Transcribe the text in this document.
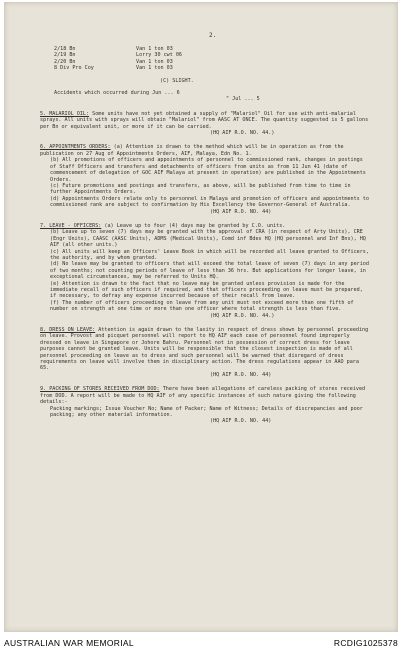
2.
2/18 Bn	Van 1 ton 03
2/19 Bn	Lorry 30 cwt 06
2/20 Bn	Van 1 ton 03
8 Div Pro Coy	Van 1 ton 03

(C) SLIGHT.

Accidents which occurred during Jun ... 6

" Jul ... 5

5. MALARIOL OIL: Some units have not yet obtained a supply of "Malariol" Oil for use with anti-malarial sprays. All units with sprays will obtain "Malariol" from AASC AT ONCE. The quantity suggested is 5 gallons per Bn or equivalent unit, or more if it can be carried.

(HQ AIF R.O. NO. 44.)

6. APPOINTMENTS ORDERS: (a) Attention is drawn to the method which will be in operation as from the publication on 27 Aug of Appointments Orders, AIF, Malaya, Edn No. 1.

(b) All promotions of officers and appointments of personnel to commissioned rank, changes in postings of Staff Officers and transfers and detachments of officers from units as from 11 Jun 41 (date of commencement of delegation of GOC AIF Malaya at present in operation) are published in the Appointments Orders.

(c) Future promotions and postings and transfers, as above, will be published from time to time in further Appointments Orders.

(d) Appointments Orders relate only to personnel in Malaya and promotion of officers and appointments to commissioned rank are subject to confirmation by His Excellency the Governor-General of Australia.

(HQ AIF R.O. NO. 44)

7. LEAVE - OFFICERS: (a) Leave up to four (4) days may be granted by C.O. units.

(b) Leave up to seven (7) days may be granted with the approval of CRA (in respect of Arty Units), CRE (Engr Units), CAASC (AASC Units), ADMS (Medical Units), Comd inf Bdes HQ (HQ personnel and Inf Bns), HQ AIF (all other units.)

(c) All units will keep an Officers' Leave Book in which will be recorded all leave granted to Officers, the authority, and by whom granted.

(d) No leave may be granted to officers that will exceed the total leave of seven (7) days in any period of two months; not counting periods of leave of less than 36 hrs. But applications for longer leave, in exceptional circumstances, may be referred to Units HQ.

(e) Attention is drawn to the fact that no leave may be granted unless provision is made for the immediate recall of such officers if required, and that officers proceeding on leave must be prepared, if necessary, to defray any expense incurred because of their recall from leave.

(f) The number of officers proceeding on leave from any unit must not exceed more than one fifth of number on strength at one time or more than one officer where total strength is less than five.

(HQ AIF R.O. NO. 44.)

8. DRESS ON LEAVE: Attention is again drawn to the laxity in respect of dress shown by personnel proceeding on leave. Provost and picquet personnel will report to HQ AIF each case of personnel found improperly dressed on leave in Singapore or Johore Bahru. Personnel not in possession of correct dress for leave purposes cannot be granted leave. Units will be responsible that the closest inspection is made of all personnel proceeding on leave as to dress and such personnel will be warned that disregard of dress requirements on leave will involve them in disciplinary action. The dress regulations appear in AAO para 65.

(HQ AIF R.O. NO. 44)

9. PACKING OF STORES RECEIVED FROM DOD: There have been allegations of careless packing of stores received from DOD. A report will be made to HQ AIF of any specific instances of such nature giving the following details:-

Packing markings; Issue Voucher No; Name of Packer; Name of Witness; Details of discrepancies and poor packing; any other material information.

(HQ AIF R.O. NO. 44)

AUSTRALIAN WAR MEMORIAL	RCDIG1025378
